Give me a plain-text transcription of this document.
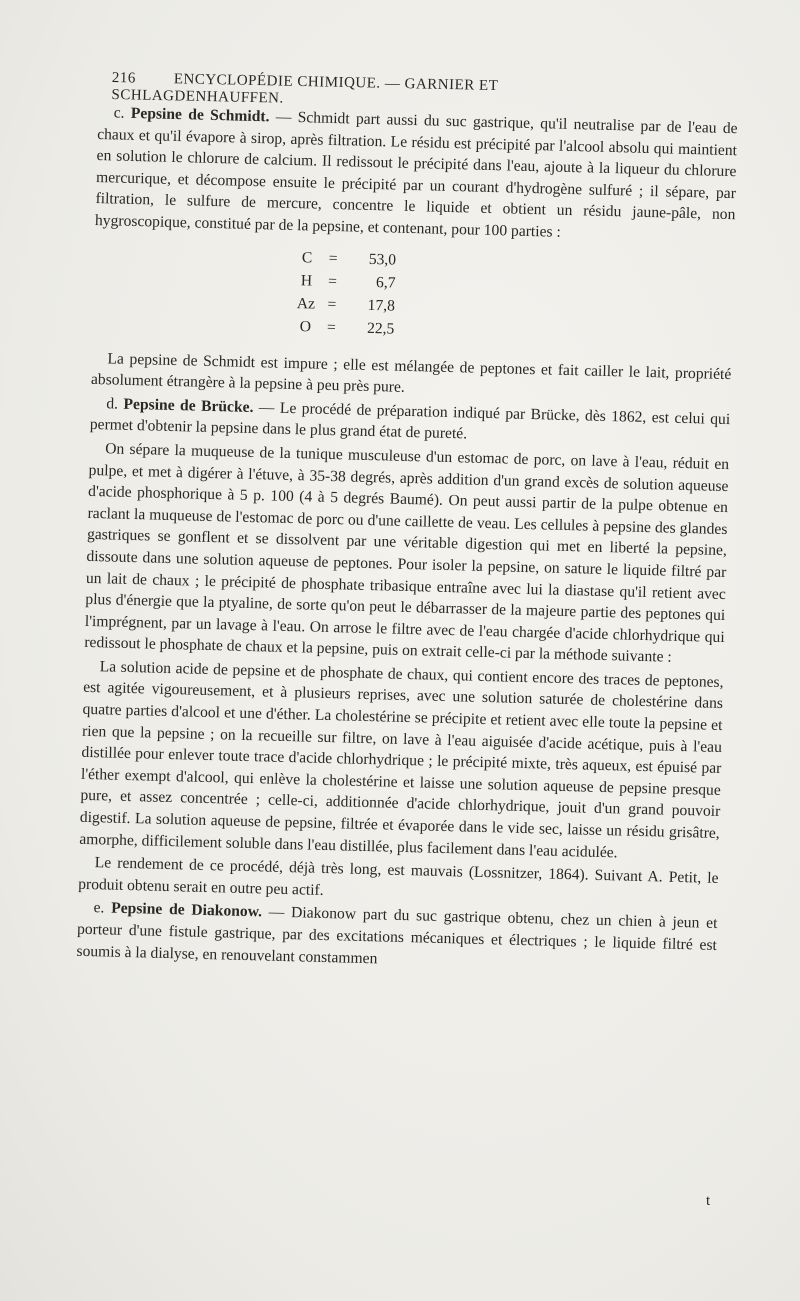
216	ENCYCLOPÉDIE CHIMIQUE. — GARNIER ET SCHLAGDENHAUFFEN.

c. Pepsine de Schmidt. — Schmidt part aussi du suc gastrique, qu'il neutralise par de l'eau de chaux et qu'il évapore à sirop, après filtration. Le résidu est précipité par l'alcool absolu qui maintient en solution le chlorure de calcium. Il redissout le précipité dans l'eau, ajoute à la liqueur du chlorure mercurique, et décompose ensuite le précipité par un courant d'hydrogène sulfuré ; il sépare, par filtration, le sulfure de mercure, concentre le liquide et obtient un résidu jaune-pâle, non hygroscopique, constitué par de la pepsine, et contenant, pour 100 parties :

C	=	53,0
H =	6,7
Az =	17,8
O =	22,5

La pepsine de Schmidt est impure ; elle est mélangée de peptones et fait cailler le lait, propriété absolument étrangère à la pepsine à peu près pure.

d. Pepsine de Brücke. — Le procédé de préparation indiqué par Brücke, dès 1862, est celui qui permet d'obtenir la pepsine dans le plus grand état de pureté.

On sépare la muqueuse de la tunique musculeuse d'un estomac de porc, on lave à l'eau, réduit en pulpe, et met à digérer à l'étuve, à 35-38 degrés, après addition d'un grand excès de solution aqueuse d'acide phosphorique à 5 p. 100 (4 à 5 degrés Baumé). On peut aussi partir de la pulpe obtenue en raclant la muqueuse de l'estomac de porc ou d'une caillette de veau. Les cellules à pepsine des glandes gastriques se gonflent et se dissolvent par une véritable digestion qui met en liberté la pepsine, dissoute dans une solution aqueuse de peptones. Pour isoler la pepsine, on sature le liquide filtré par un lait de chaux ; le précipité de phosphate tribasique entraîne avec lui la diastase qu'il retient avec plus d'énergie que la ptyaline, de sorte qu'on peut le débarrasser de la majeure partie des peptones qui l'imprégnent, par un lavage à l'eau. On arrose le filtre avec de l'eau chargée d'acide chlorhydrique qui redissout le phosphate de chaux et la pepsine, puis on extrait celle-ci par la méthode suivante :

La solution acide de pepsine et de phosphate de chaux, qui contient encore des traces de peptones, est agitée vigoureusement, et à plusieurs reprises, avec une solution saturée de cholestérine dans quatre parties d'alcool et une d'éther. La cholestérine se précipite et retient avec elle toute la pepsine et rien que la pepsine ; on la recueille sur filtre, on lave à l'eau aiguisée d'acide acétique, puis à l'eau distillée pour enlever toute trace d'acide chlorhydrique ; le précipité mixte, très aqueux, est épuisé par l'éther exempt d'alcool, qui enlève la cholestérine et laisse une solution aqueuse de pepsine presque pure, et assez concentrée ; celle-ci, additionnée d'acide chlorhydrique, jouit d'un grand pouvoir digestif. La solution aqueuse de pepsine, filtrée et évaporée dans le vide sec, laisse un résidu grisâtre, amorphe, difficilement soluble dans l'eau distillée, plus facilement dans l'eau acidulée.

Le rendement de ce procédé, déjà très long, est mauvais (Lossnitzer, 1864). Suivant A. Petit, le produit obtenu serait en outre peu actif.

e. Pepsine de Diakonow. — Diakonow part du suc gastrique obtenu, chez un chien à jeun et porteur d'une fistule gastrique, par des excitations mécaniques et électriques ; le liquide filtré est soumis à la dialyse, en renouvelant constammen

t
